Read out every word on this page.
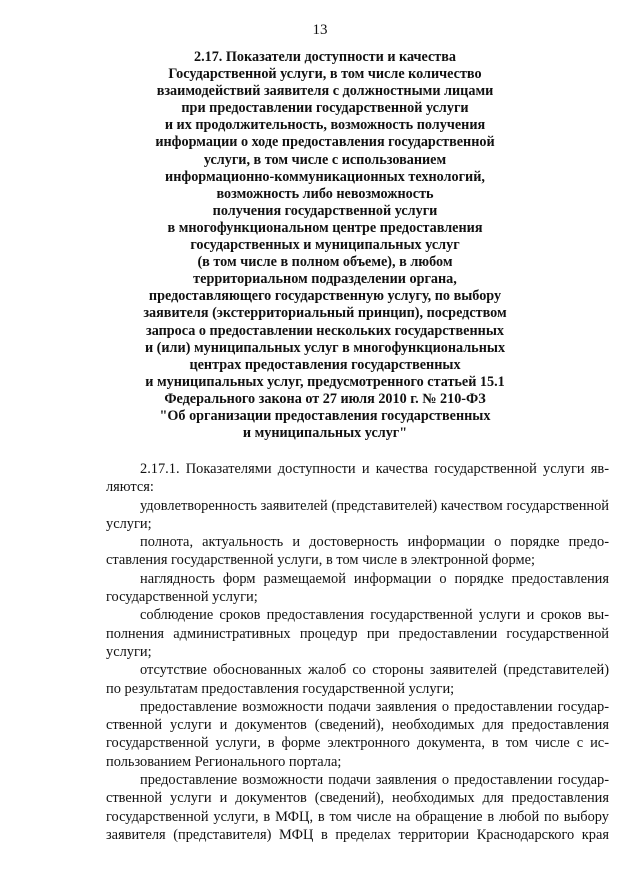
13
2.17. Показатели доступности и качества
Государственной услуги, в том числе количество
взаимодействий заявителя с должностными лицами
при предоставлении государственной услуги
и их продолжительность, возможность получения
информации о ходе предоставления государственной
услуги, в том числе с использованием
информационно-коммуникационных технологий,
возможность либо невозможность
получения государственной услуги
в многофункциональном центре предоставления
государственных и муниципальных услуг
(в том числе в полном объеме), в любом
территориальном подразделении органа,
предоставляющего государственную услугу, по выбору
заявителя (экстерриториальный принцип), посредством
запроса о предоставлении нескольких государственных
и (или) муниципальных услуг в многофункциональных
центрах предоставления государственных
и муниципальных услуг, предусмотренного статьей 15.1
Федерального закона от 27 июля 2010 г. № 210-ФЗ
"Об организации предоставления государственных
и муниципальных услуг"

2.17.1. Показателями доступности и качества государственной услуги являются:

удовлетворенность заявителей (представителей) качеством государственной услуги;

полнота, актуальность и достоверность информации о порядке предоставления государственной услуги, в том числе в электронной форме;

наглядность форм размещаемой информации о порядке предоставления государственной услуги;

соблюдение сроков предоставления государственной услуги и сроков выполнения административных процедур при предоставлении государственной услуги;

отсутствие обоснованных жалоб со стороны заявителей (представителей) по результатам предоставления государственной услуги;

предоставление возможности подачи заявления о предоставлении государственной услуги и документов (сведений), необходимых для предоставления государственной услуги, в форме электронного документа, в том числе с использованием Регионального портала;

предоставление возможности подачи заявления о предоставлении государственной услуги и документов (сведений), необходимых для предоставления государственной услуги, в МФЦ, в том числе на обращение в любой по выбору заявителя (представителя) МФЦ в пределах территории Краснодарского края
